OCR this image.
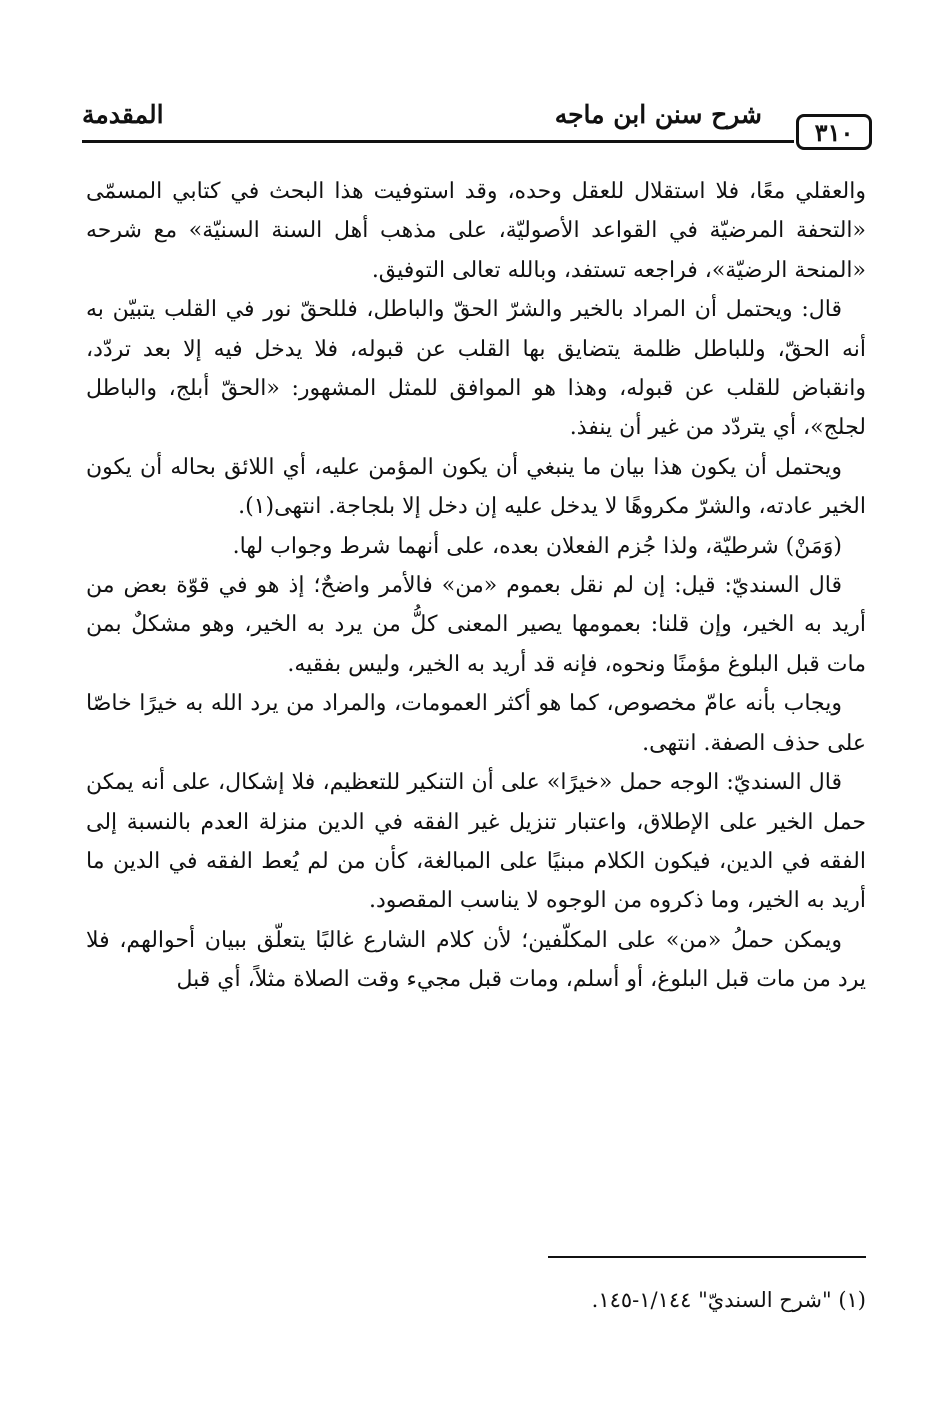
٣١٠
شرح سنن ابن ماجه
المقدمة

والعقلي معًا، فلا استقلال للعقل وحده، وقد استوفيت هذا البحث في كتابي المسمّى «التحفة المرضيّة في القواعد الأصوليّة، على مذهب أهل السنة السنيّة» مع شرحه «المنحة الرضيّة»، فراجعه تستفد، وبالله تعالى التوفيق.

قال: ويحتمل أن المراد بالخير والشرّ الحقّ والباطل، فللحقّ نور في القلب يتبيّن به أنه الحقّ، وللباطل ظلمة يتضايق بها القلب عن قبوله، فلا يدخل فيه إلا بعد تردّد، وانقباض للقلب عن قبوله، وهذا هو الموافق للمثل المشهور: «الحقّ أبلج، والباطل لجلج»، أي يتردّد من غير أن ينفذ.

ويحتمل أن يكون هذا بيان ما ينبغي أن يكون المؤمن عليه، أي اللائق بحاله أن يكون الخير عادته، والشرّ مكروهًا لا يدخل عليه إن دخل إلا بلجاجة. انتهى(١).

(وَمَنْ) شرطيّة، ولذا جُزم الفعلان بعده، على أنهما شرط وجواب لها.

قال السنديّ: قيل: إن لم نقل بعموم «من» فالأمر واضحٌ؛ إذ هو في قوّة بعض من أريد به الخير، وإن قلنا: بعمومها يصير المعنى كلُّ من يرد به الخير، وهو مشكلٌ بمن مات قبل البلوغ مؤمنًا ونحوه، فإنه قد أريد به الخير، وليس بفقيه.

ويجاب بأنه عامّ مخصوص، كما هو أكثر العمومات، والمراد من يرد الله به خيرًا خاصّا على حذف الصفة. انتهى.

قال السنديّ: الوجه حمل «خيرًا» على أن التنكير للتعظيم، فلا إشكال، على أنه يمكن حمل الخير على الإطلاق، واعتبار تنزيل غير الفقه في الدين منزلة العدم بالنسبة إلى الفقه في الدين، فيكون الكلام مبنيًا على المبالغة، كأن من لم يُعط الفقه في الدين ما أريد به الخير، وما ذكروه من الوجوه لا يناسب المقصود.

ويمكن حملُ «من» على المكلّفين؛ لأن كلام الشارع غالبًا يتعلّق ببيان أحوالهم، فلا يرد من مات قبل البلوغ، أو أسلم، ومات قبل مجيء وقت الصلاة مثلاً، أي قبل

(١) "شرح السنديّ" ١/١٤٤-١٤٥.
